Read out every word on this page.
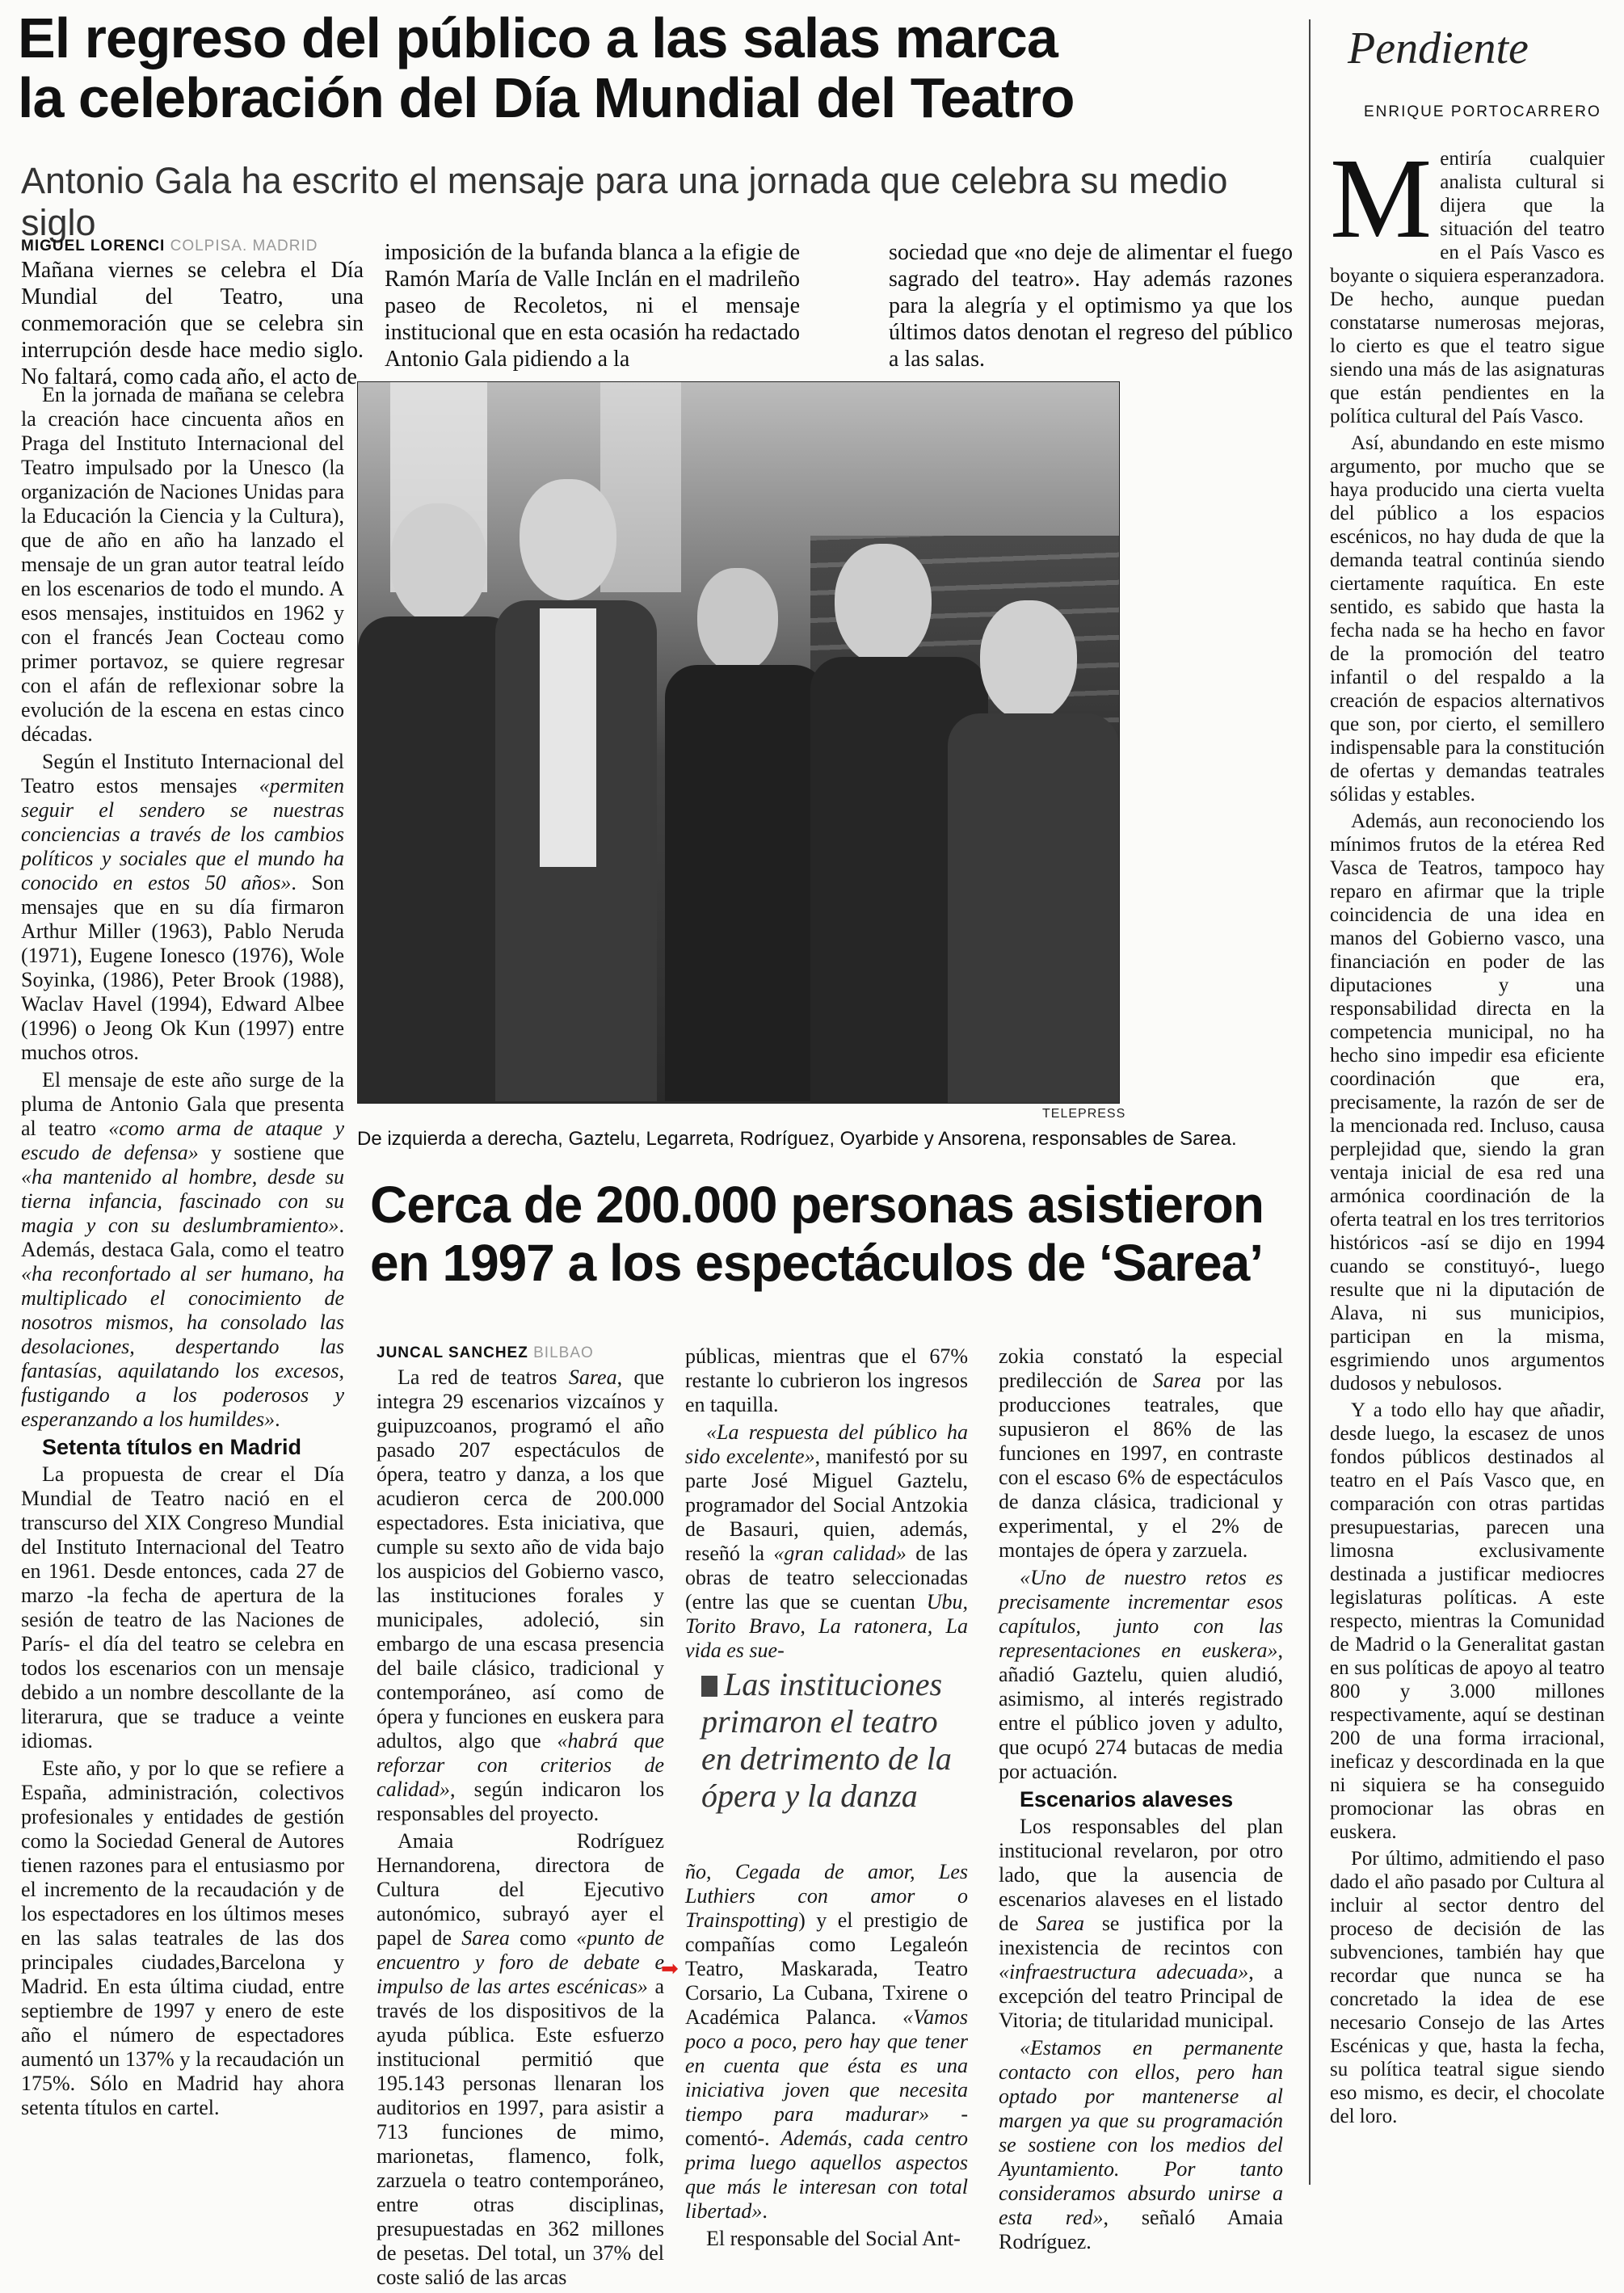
El regreso del público a las salas marca
la celebración del Día Mundial del Teatro

Antonio Gala ha escrito el mensaje para una jornada que celebra su medio siglo

MIGUEL LORENCI COLPISA. MADRID
Mañana viernes se celebra el Día Mundial del Teatro, una conmemoración que se celebra sin interrupción desde hace medio siglo. No faltará, como cada año, el acto de
imposición de la bufanda blanca a la efigie de Ramón María de Valle Inclán en el madrileño paseo de Recoletos, ni el mensaje institucional que en esta ocasión ha redactado Antonio Gala pidiendo a la
sociedad que «no deje de alimentar el fuego sagrado del teatro». Hay además razones para la alegría y el optimismo ya que los últimos datos denotan el regreso del público a las salas.

En la jornada de mañana se celebra la creación hace cincuenta años en Praga del Instituto Internacional del Teatro impulsado por la Unesco (la organización de Naciones Unidas para la Educación la Ciencia y la Cultura), que de año en año ha lanzado el mensaje de un gran autor teatral leído en los escenarios de todo el mundo. A esos mensajes, instituidos en 1962 y con el francés Jean Cocteau como primer portavoz, se quiere regresar con el afán de reflexionar sobre la evolución de la escena en estas cinco décadas.

Según el Instituto Internacional del Teatro estos mensajes «permiten seguir el sendero se nuestras conciencias a través de los cambios políticos y sociales que el mundo ha conocido en estos 50 años». Son mensajes que en su día firmaron Arthur Miller (1963), Pablo Neruda (1971), Eugene Ionesco (1976), Wole Soyinka, (1986), Peter Brook (1988), Waclav Havel (1994), Edward Albee (1996) o Jeong Ok Kun (1997) entre muchos otros.

El mensaje de este año surge de la pluma de Antonio Gala que presenta al teatro «como arma de ataque y escudo de defensa» y sostiene que «ha mantenido al hombre, desde su tierna infancia, fascinado con su magia y con su deslumbramiento». Además, destaca Gala, como el teatro «ha reconfortado al ser humano, ha multiplicado el conocimiento de nosotros mismos, ha consolado las desolaciones, despertando las fantasías, aquilatando los excesos, fustigando a los poderosos y esperanzando a los humildes».

Setenta títulos en Madrid

La propuesta de crear el Día Mundial de Teatro nació en el transcurso del XIX Congreso Mundial del Instituto Internacional del Teatro en 1961. Desde entonces, cada 27 de marzo -la fecha de apertura de la sesión de teatro de las Naciones de París- el día del teatro se celebra en todos los escenarios con un mensaje debido a un nombre descollante de la literarura, que se traduce a veinte idiomas.

Este año, y por lo que se refiere a España, administración, colectivos profesionales y entidades de gestión como la Sociedad General de Autores tienen razones para el entusiasmo por el incremento de la recaudación y de los espectadores en los últimos meses en las salas teatrales de las dos principales ciudades,Barcelona y Madrid. En esta última ciudad, entre septiembre de 1997 y enero de este año el número de espectadores aumentó un 137% y la recaudación un 175%. Sólo en Madrid hay ahora setenta títulos en cartel.

TELEPRESS
De izquierda a derecha, Gaztelu, Legarreta, Rodríguez, Oyarbide y Ansorena, responsables de Sarea.
Cerca de 200.000 personas asistieron
en 1997 a los espectáculos de ‘Sarea’
JUNCAL SANCHEZ BILBAO

La red de teatros Sarea, que integra 29 escenarios vizcaínos y guipuzcoanos, programó el año pasado 207 espectáculos de ópera, teatro y danza, a los que acudieron cerca de 200.000 espectadores. Esta iniciativa, que cumple su sexto año de vida bajo los auspicios del Gobierno vasco, las instituciones forales y municipales, adoleció, sin embargo de una escasa presencia del baile clásico, tradicional y contemporáneo, así como de ópera y funciones en euskera para adultos, algo que «habrá que reforzar con criterios de calidad», según indicaron los responsables del proyecto.

Amaia Rodríguez Hernandorena, directora de Cultura del Ejecutivo autonómico, subrayó ayer el papel de Sarea como «punto de encuentro y foro de debate e impulso de las artes escénicas» a través de los dispositivos de la ayuda pública. Este esfuerzo institucional permitió que 195.143 personas llenaran los auditorios en 1997, para asistir a 713 funciones de mimo, marionetas, flamenco, folk, zarzuela o teatro contemporáneo, entre otras disciplinas, presupuestadas en 362 millones de pesetas. Del total, un 37% del coste salió de las arcas

públicas, mientras que el 67% restante lo cubrieron los ingresos en taquilla.

«La respuesta del público ha sido excelente», manifestó por su parte José Miguel Gaztelu, programador del Social Antzokia de Basauri, quien, además, reseñó la «gran calidad» de las obras de teatro seleccionadas (entre las que se cuentan Ubu, Torito Bravo, La ratonera, La vida es sue-

Las instituciones primaron el teatro en detrimento de la ópera y la danza

ño, Cegada de amor, Les Luthiers con amor o Trainspotting) y el prestigio de compañías como Legaleón Teatro, Maskarada, Teatro Corsario, La Cubana, Txirene o Académica Palanca. «Vamos poco a poco, pero hay que tener en cuenta que ésta es una iniciativa joven que necesita tiempo para madurar» -comentó-. Además, cada centro prima luego aquellos aspectos que más le interesan con total libertad».

El responsable del Social Ant-

➡

zokia constató la especial predilección de Sarea por las producciones teatrales, que supusieron el 86% de las funciones en 1997, en contraste con el escaso 6% de espectáculos de danza clásica, tradicional y experimental, y el 2% de montajes de ópera y zarzuela.

«Uno de nuestro retos es precisamente incrementar esos capítulos, junto con las representaciones en euskera», añadió Gaztelu, quien aludió, asimismo, al interés registrado entre el público joven y adulto, que ocupó 274 butacas de media por actuación.

Escenarios alaveses

Los responsables del plan institucional revelaron, por otro lado, que la ausencia de escenarios alaveses en el listado de Sarea se justifica por la inexistencia de recintos con «infraestructura adecuada», a excepción del teatro Principal de Vitoria; de titularidad municipal.

«Estamos en permanente contacto con ellos, pero han optado por mantenerse al margen ya que su programación se sostiene con los medios del Ayuntamiento. Por tanto consideramos absurdo unirse a esta red», señaló Amaia Rodríguez.

Pendiente
ENRIQUE PORTOCARRERO

Mentiría cualquier analista cultural si dijera que la situación del teatro en el País Vasco es boyante o siquiera esperanzadora. De hecho, aunque puedan constatarse numerosas mejoras, lo cierto es que el teatro sigue siendo una más de las asignaturas que están pendientes en la política cultural del País Vasco.

Así, abundando en este mismo argumento, por mucho que se haya producido una cierta vuelta del público a los espacios escénicos, no hay duda de que la demanda teatral continúa siendo ciertamente raquítica. En este sentido, es sabido que hasta la fecha nada se ha hecho en favor de la promoción del teatro infantil o del respaldo a la creación de espacios alternativos que son, por cierto, el semillero indispensable para la constitución de ofertas y demandas teatrales sólidas y estables.

Además, aun reconociendo los mínimos frutos de la etérea Red Vasca de Teatros, tampoco hay reparo en afirmar que la triple coincidencia de una idea en manos del Gobierno vasco, una financiación en poder de las diputaciones y una responsabilidad directa en la competencia municipal, no ha hecho sino impedir esa eficiente coordinación que era, precisamente, la razón de ser de la mencionada red. Incluso, causa perplejidad que, siendo la gran ventaja inicial de esa red una armónica coordinación de la oferta teatral en los tres territorios históricos -así se dijo en 1994 cuando se constituyó-, luego resulte que ni la diputación de Alava, ni sus municipios, participan en la misma, esgrimiendo unos argumentos dudosos y nebulosos.

Y a todo ello hay que añadir, desde luego, la escasez de unos fondos públicos destinados al teatro en el País Vasco que, en comparación con otras partidas presupuestarias, parecen una limosna exclusivamente destinada a justificar mediocres legislaturas políticas. A este respecto, mientras la Comunidad de Madrid o la Generalitat gastan en sus políticas de apoyo al teatro 800 y 3.000 millones respectivamente, aquí se destinan 200 de una forma irracional, ineficaz y descordinada en la que ni siquiera se ha conseguido promocionar las obras en euskera.

Por último, admitiendo el paso dado el año pasado por Cultura al incluir al sector dentro del proceso de decisión de las subvenciones, también hay que recordar que nunca se ha concretado la idea de ese necesario Consejo de las Artes Escénicas y que, hasta la fecha, su política teatral sigue siendo eso mismo, es decir, el chocolate del loro.
